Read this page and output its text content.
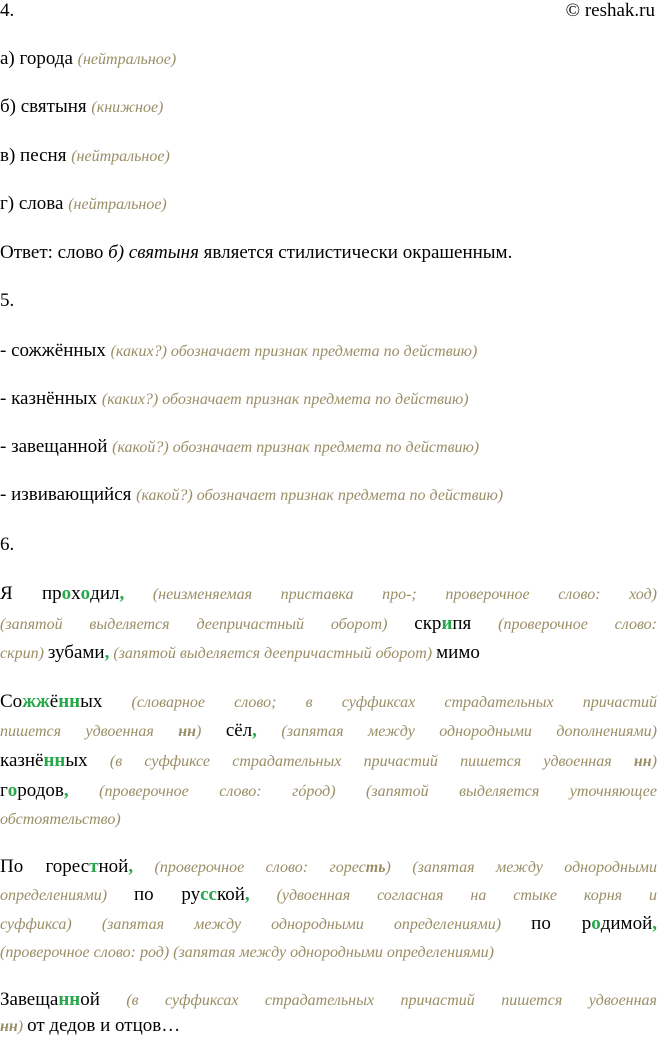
4.	© reshak.ru
а) города (нейтральное)
б) святыня (книжное)
в) песня (нейтральное)
г) слова (нейтральное)
Ответ: слово б) святыня является стилистически окрашенным.
5.
- сожжённых (каких?) обозначает признак предмета по действию)
- казнённых (каких?) обозначает признак предмета по действию)
- завещанной (какой?) обозначает признак предмета по действию)
- извивающийся (какой?) обозначает признак предмета по действию)
6.
Я проходил, (неизменяемая приставка про-; проверочное слово: ход)
(запятой выделяется деепричастный оборот) скрипя (проверочное слово:
скрип) зубами, (запятой выделяется деепричастный оборот) мимо
Сожжённых (словарное слово; в суффиксах страдательных причастий
пишется удвоенная нн) сёл, (запятая между однородными дополнениями)
казнённых (в суффиксе страдательных причастий пишется удвоенная нн)
городов, (проверочное слово: гóрод) (запятой выделяется уточняющее
обстоятельство)
По горестной, (проверочное слово: горесть) (запятая между однородными
определениями) по русской, (удвоенная согласная на стыке корня и
суффикса) (запятая между однородными определениями) по родимой,
(проверочное слово: род) (запятая между однородными определениями)
Завещанной (в суффиксах страдательных причастий пишется удвоенная
нн) от дедов и отцов…
